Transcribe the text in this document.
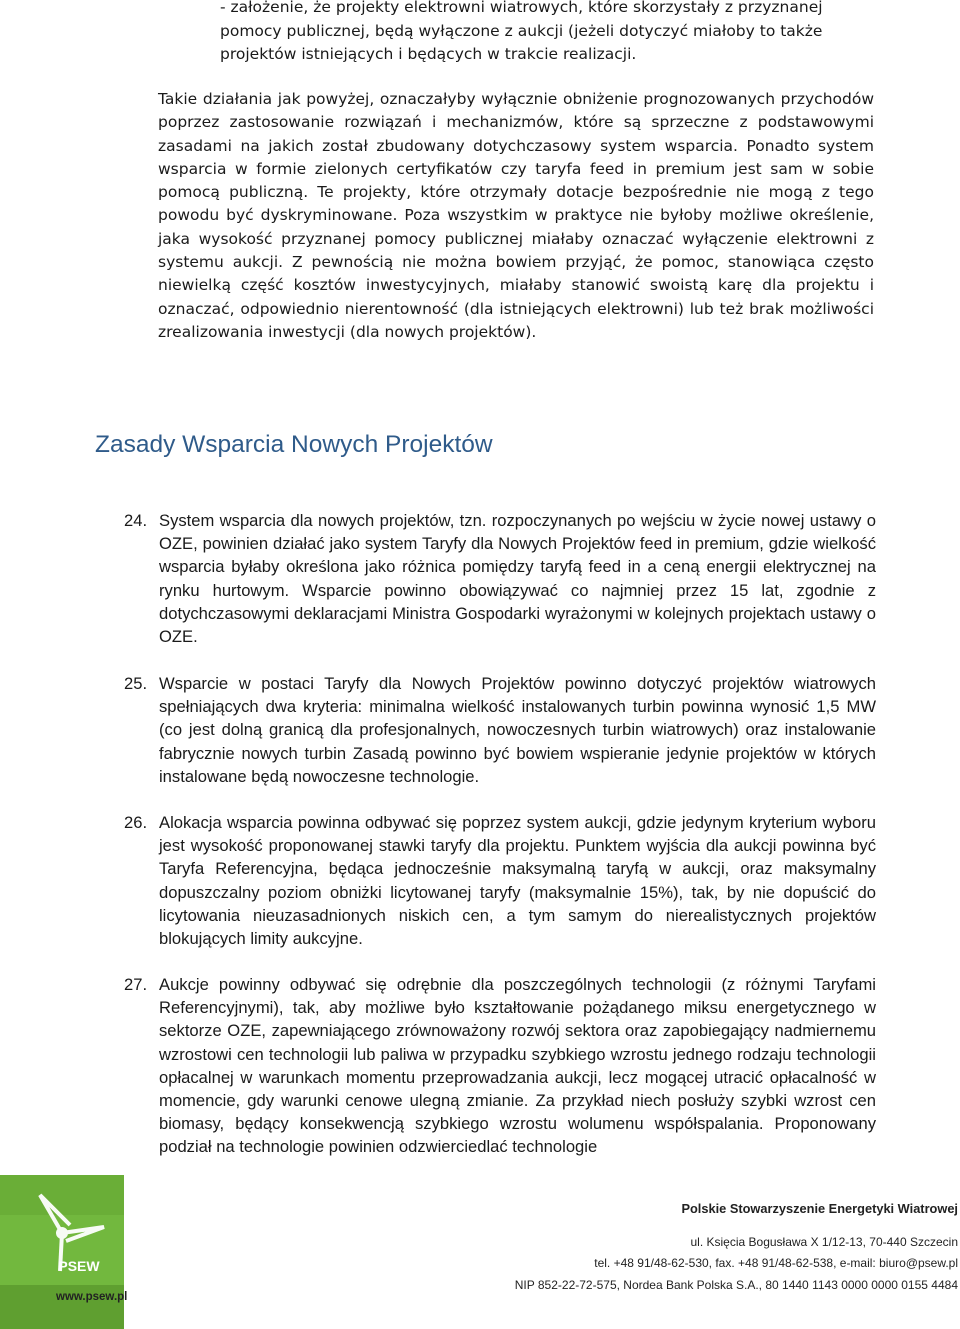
- założenie, że projekty elektrowni wiatrowych, które skorzystały z przyznanej pomocy publicznej, będą wyłączone z aukcji (jeżeli dotyczyć miałoby to także projektów istniejących i będących w trakcie realizacji.
Takie działania jak powyżej, oznaczałyby wyłącznie obniżenie prognozowanych przychodów poprzez zastosowanie rozwiązań i mechanizmów, które są sprzeczne z podstawowymi zasadami na jakich został zbudowany dotychczasowy system wsparcia. Ponadto system wsparcia w formie zielonych certyfikatów czy taryfa feed in premium jest sam w sobie pomocą publiczną. Te projekty, które otrzymały dotacje bezpośrednie nie mogą z tego powodu być dyskryminowane. Poza wszystkim w praktyce nie byłoby możliwe określenie, jaka wysokość przyznanej pomocy publicznej miałaby oznaczać wyłączenie elektrowni z systemu aukcji. Z pewnością nie można bowiem przyjąć, że pomoc, stanowiąca często niewielką część kosztów inwestycyjnych, miałaby stanowić swoistą karę dla projektu i oznaczać, odpowiednio nierentowność (dla istniejących elektrowni) lub też brak możliwości zrealizowania inwestycji (dla nowych projektów).
Zasady Wsparcia Nowych Projektów
24. System wsparcia dla nowych projektów, tzn. rozpoczynanych po wejściu w życie nowej ustawy o OZE, powinien działać jako system Taryfy dla Nowych Projektów feed in premium, gdzie wielkość wsparcia byłaby określona jako różnica pomiędzy taryfą feed in a ceną energii elektrycznej na rynku hurtowym. Wsparcie powinno obowiązywać co najmniej przez 15 lat, zgodnie z dotychczasowymi deklaracjami Ministra Gospodarki wyrażonymi w kolejnych projektach ustawy o OZE.
25. Wsparcie w postaci Taryfy dla Nowych Projektów powinno dotyczyć projektów wiatrowych spełniających dwa kryteria: minimalna wielkość instalowanych turbin powinna wynosić 1,5 MW (co jest dolną granicą dla profesjonalnych, nowoczesnych turbin wiatrowych) oraz instalowanie fabrycznie nowych turbin Zasadą powinno być bowiem wspieranie jedynie projektów w których instalowane będą nowoczesne technologie.
26. Alokacja wsparcia powinna odbywać się poprzez system aukcji, gdzie jedynym kryterium wyboru jest wysokość proponowanej stawki taryfy dla projektu. Punktem wyjścia dla aukcji powinna być Taryfa Referencyjna, będąca jednocześnie maksymalną taryfą w aukcji, oraz maksymalny dopuszczalny poziom obniżki licytowanej taryfy (maksymalnie 15%), tak, by nie dopuścić do licytowania nieuzasadnionych niskich cen, a tym samym do nierealistycznych projektów blokujących limity aukcyjne.
27. Aukcje powinny odbywać się odrębnie dla poszczególnych technologii (z różnymi Taryfami Referencyjnymi), tak, aby możliwe było kształtowanie pożądanego miksu energetycznego w sektorze OZE, zapewniającego zrównoważony rozwój sektora oraz zapobiegający nadmiernemu wzrostowi cen technologii lub paliwa w przypadku szybkiego wzrostu jednego rodzaju technologii opłacalnej w warunkach momentu przeprowadzania aukcji, lecz mogącej utracić opłacalność w momencie, gdy warunki cenowe ulegną zmianie. Za przykład niech posłuży szybki wzrost cen biomasy, będący konsekwencją szybkiego wzrostu wolumenu współspalania. Proponowany podział na technologie powinien odzwierciedlać technologie
PSEW
www.psew.pl
Polskie Stowarzyszenie Energetyki Wiatrowej
ul. Księcia Bogusława X 1/12-13, 70-440 Szczecin
tel. +48 91/48-62-530, fax. +48 91/48-62-538, e-mail: biuro@psew.pl
NIP 852-22-72-575, Nordea Bank Polska S.A., 80 1440 1143 0000 0000 0155 4484
